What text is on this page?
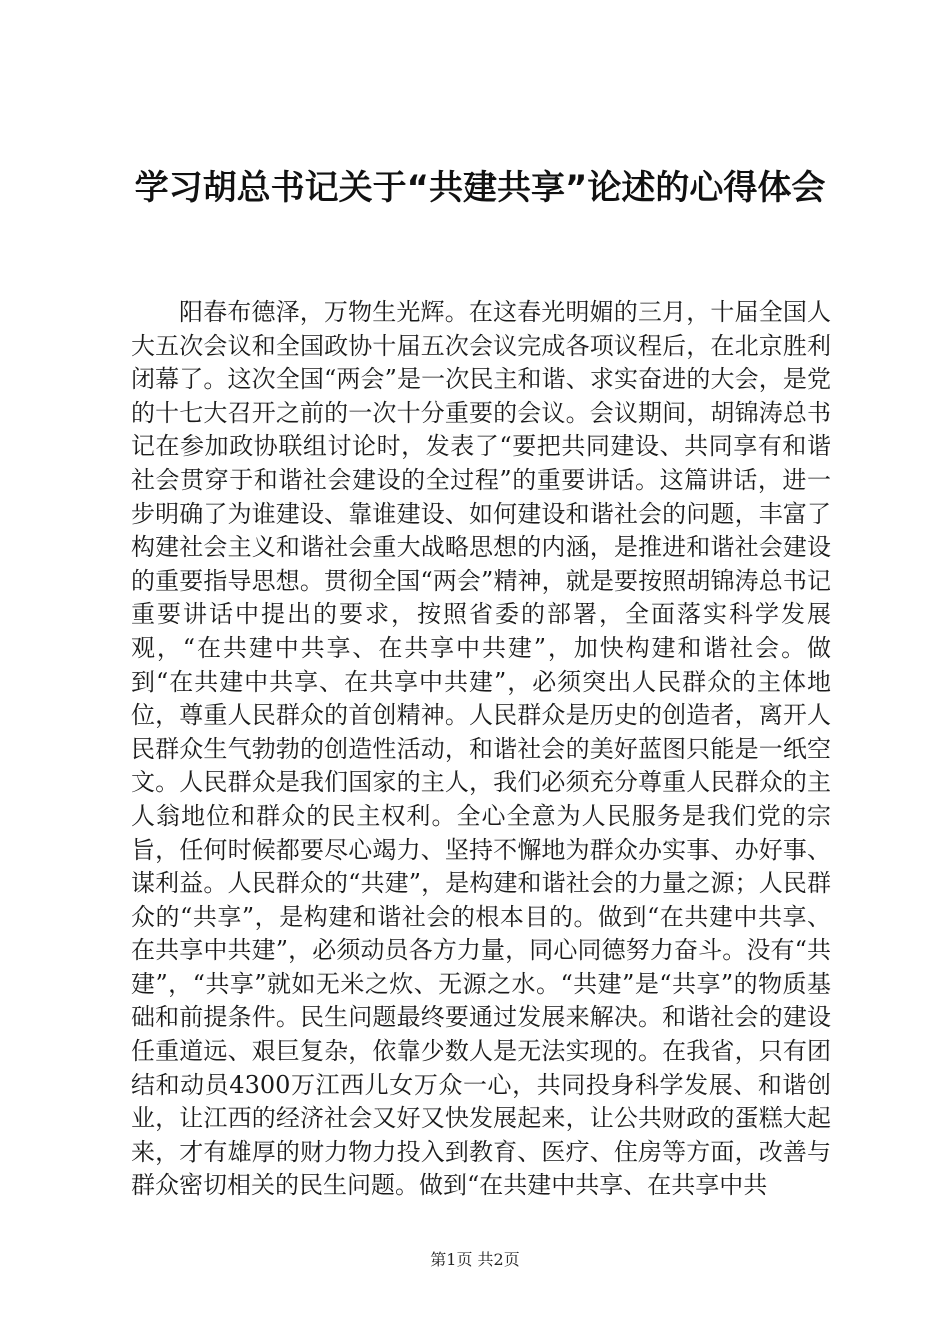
学习胡总书记关于“共建共享”论述的心得体会

阳春布德泽，万物生光辉。在这春光明媚的三月，十届全国人大五次会议和全国政协十届五次会议完成各项议程后，在北京胜利闭幕了。这次全国“两会”是一次民主和谐、求实奋进的大会，是党的十七大召开之前的一次十分重要的会议。会议期间，胡锦涛总书记在参加政协联组讨论时，发表了“要把共同建设、共同享有和谐社会贯穿于和谐社会建设的全过程”的重要讲话。这篇讲话，进一步明确了为谁建设、靠谁建设、如何建设和谐社会的问题，丰富了构建社会主义和谐社会重大战略思想的内涵，是推进和谐社会建设的重要指导思想。贯彻全国“两会”精神，就是要按照胡锦涛总书记重要讲话中提出的要求，按照省委的部署，全面落实科学发展观，“在共建中共享、在共享中共建”，加快构建和谐社会。做到“在共建中共享、在共享中共建”，必须突出人民群众的主体地位，尊重人民群众的首创精神。人民群众是历史的创造者，离开人民群众生气勃勃的创造性活动，和谐社会的美好蓝图只能是一纸空文。人民群众是我们国家的主人，我们必须充分尊重人民群众的主人翁地位和群众的民主权利。全心全意为人民服务是我们党的宗旨，任何时候都要尽心竭力、坚持不懈地为群众办实事、办好事、谋利益。人民群众的“共建”，是构建和谐社会的力量之源；人民群众的“共享”，是构建和谐社会的根本目的。做到“在共建中共享、在共享中共建”，必须动员各方力量，同心同德努力奋斗。没有“共建”，“共享”就如无米之炊、无源之水。“共建”是“共享”的物质基础和前提条件。民生问题最终要通过发展来解决。和谐社会的建设任重道远、艰巨复杂，依靠少数人是无法实现的。在我省，只有团结和动员4300万江西儿女万众一心，共同投身科学发展、和谐创业，让江西的经济社会又好又快发展起来，让公共财政的蛋糕大起来，才有雄厚的财力物力投入到教育、医疗、住房等方面，改善与群众密切相关的民生问题。做到“在共建中共享、在共享中共

第1页 共2页
